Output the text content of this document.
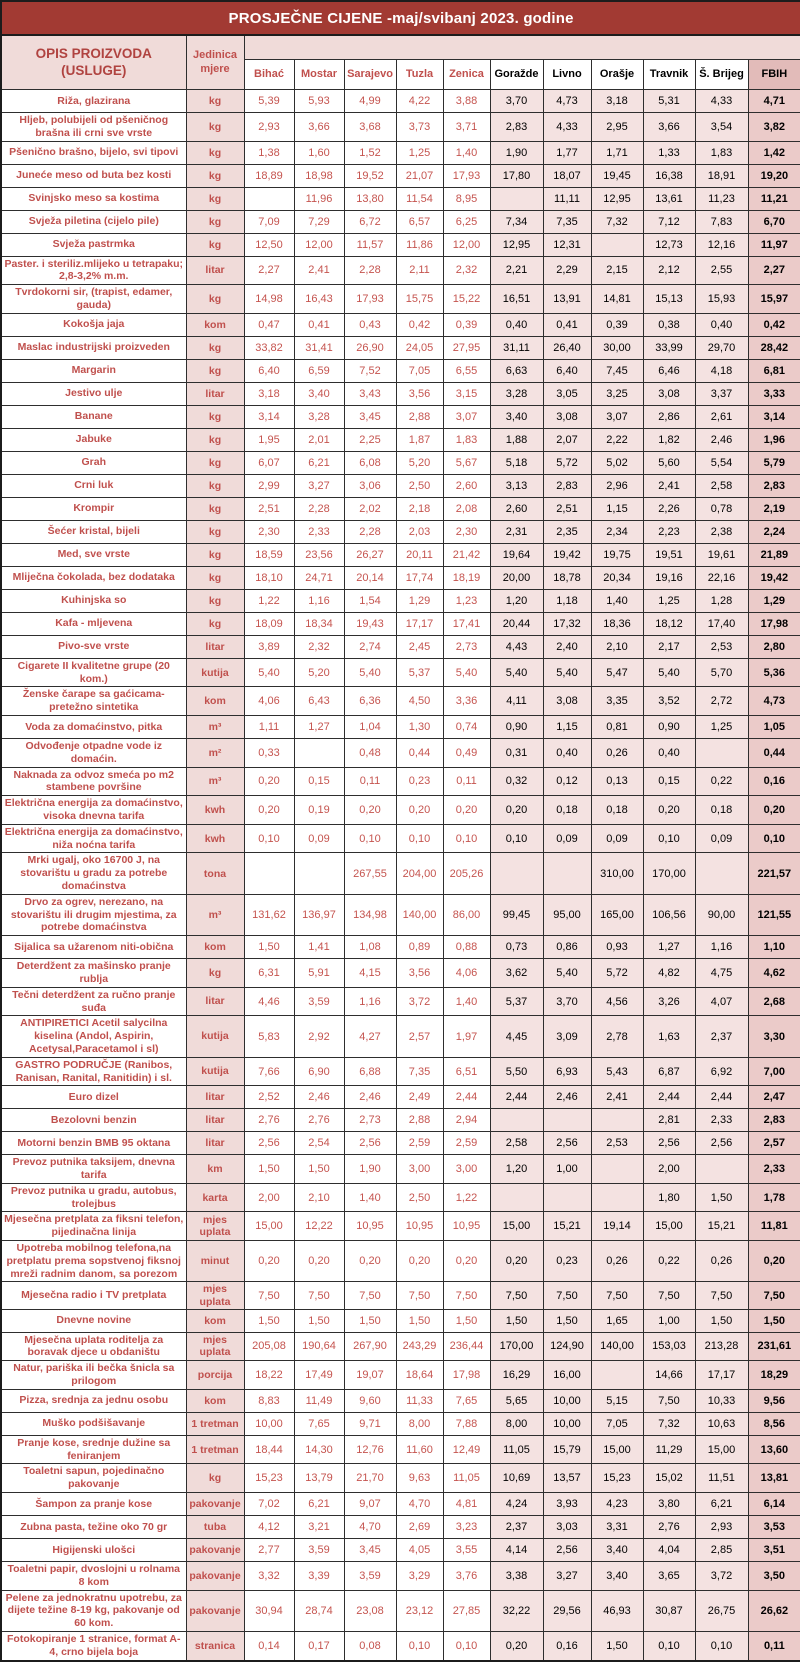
PROSJEČNE CIJENE -maj/svibanj 2023. godine												
OPIS PROIZVODA (USLUGE)	Jedinica mjere											
		Bihać	Mostar	Sarajevo	Tuzla	Zenica	Goražde	Livno	Orašje	Travnik	Š. Brijeg	FBIH
Riža, glazirana	kg	5,39	5,93	4,99	4,22	3,88	3,70	4,73	3,18	5,31	4,33	4,71
Hljeb, polubijeli od pšeničnog brašna ili crni sve vrste	kg	2,93	3,66	3,68	3,73	3,71	2,83	4,33	2,95	3,66	3,54	3,82
Pšenično brašno, bijelo, svi tipovi	kg	1,38	1,60	1,52	1,25	1,40	1,90	1,77	1,71	1,33	1,83	1,42
Juneće meso od buta bez kosti	kg	18,89	18,98	19,52	21,07	17,93	17,80	18,07	19,45	16,38	18,91	19,20
Svinjsko meso sa kostima	kg		11,96	13,80	11,54	8,95		11,11	12,95	13,61	11,23	11,21
Svježa piletina (cijelo pile)	kg	7,09	7,29	6,72	6,57	6,25	7,34	7,35	7,32	7,12	7,83	6,70
Svježa pastrmka	kg	12,50	12,00	11,57	11,86	12,00	12,95	12,31		12,73	12,16	11,97
Paster. i steriliz.mlijeko u tetrapaku; 2,8-3,2% m.m.	litar	2,27	2,41	2,28	2,11	2,32	2,21	2,29	2,15	2,12	2,55	2,27
Tvrdokorni sir, (trapist, edamer, gauda)	kg	14,98	16,43	17,93	15,75	15,22	16,51	13,91	14,81	15,13	15,93	15,97
Kokošja jaja	kom	0,47	0,41	0,43	0,42	0,39	0,40	0,41	0,39	0,38	0,40	0,42
Maslac industrijski proizveden	kg	33,82	31,41	26,90	24,05	27,95	31,11	26,40	30,00	33,99	29,70	28,42
Margarin	kg	6,40	6,59	7,52	7,05	6,55	6,63	6,40	7,45	6,46	4,18	6,81
Jestivo ulje	litar	3,18	3,40	3,43	3,56	3,15	3,28	3,05	3,25	3,08	3,37	3,33
Banane	kg	3,14	3,28	3,45	2,88	3,07	3,40	3,08	3,07	2,86	2,61	3,14
Jabuke	kg	1,95	2,01	2,25	1,87	1,83	1,88	2,07	2,22	1,82	2,46	1,96
Grah	kg	6,07	6,21	6,08	5,20	5,67	5,18	5,72	5,02	5,60	5,54	5,79
Crni luk	kg	2,99	3,27	3,06	2,50	2,60	3,13	2,83	2,96	2,41	2,58	2,83
Krompir	kg	2,51	2,28	2,02	2,18	2,08	2,60	2,51	1,15	2,26	0,78	2,19
Šećer kristal, bijeli	kg	2,30	2,33	2,28	2,03	2,30	2,31	2,35	2,34	2,23	2,38	2,24
Med, sve vrste	kg	18,59	23,56	26,27	20,11	21,42	19,64	19,42	19,75	19,51	19,61	21,89
Mliječna čokolada, bez dodataka	kg	18,10	24,71	20,14	17,74	18,19	20,00	18,78	20,34	19,16	22,16	19,42
Kuhinjska so	kg	1,22	1,16	1,54	1,29	1,23	1,20	1,18	1,40	1,25	1,28	1,29
Kafa - mljevena	kg	18,09	18,34	19,43	17,17	17,41	20,44	17,32	18,36	18,12	17,40	17,98
Pivo-sve vrste	litar	3,89	2,32	2,74	2,45	2,73	4,43	2,40	2,10	2,17	2,53	2,80
Cigarete II kvalitetne grupe (20 kom.)	kutija	5,40	5,20	5,40	5,37	5,40	5,40	5,40	5,47	5,40	5,70	5,36
Ženske čarape sa gaćicama- pretežno sintetika	kom	4,06	6,43	6,36	4,50	3,36	4,11	3,08	3,35	3,52	2,72	4,73
Voda za domaćinstvo, pitka	m³	1,11	1,27	1,04	1,30	0,74	0,90	1,15	0,81	0,90	1,25	1,05
Odvođenje otpadne vode iz domaćin.	m²	0,33		0,48	0,44	0,49	0,31	0,40	0,26	0,40		0,44
Naknada za odvoz smeća po m2 stambene površine	m³	0,20	0,15	0,11	0,23	0,11	0,32	0,12	0,13	0,15	0,22	0,16
Električna energija za domaćinstvo, visoka dnevna tarifa	kwh	0,20	0,19	0,20	0,20	0,20	0,20	0,18	0,18	0,20	0,18	0,20
Električna energija za domaćinstvo, niža noćna tarifa	kwh	0,10	0,09	0,10	0,10	0,10	0,10	0,09	0,09	0,10	0,09	0,10
Mrki ugalj, oko 16700 J, na stovarištu u gradu za potrebe domaćinstva	tona			267,55	204,00	205,26			310,00	170,00		221,57
Drvo za ogrev, nerezano, na stovarištu ili drugim mjestima, za potrebe domaćinstva	m³	131,62	136,97	134,98	140,00	86,00	99,45	95,00	165,00	106,56	90,00	121,55
Sijalica sa užarenom niti-obična	kom	1,50	1,41	1,08	0,89	0,88	0,73	0,86	0,93	1,27	1,16	1,10
Deterdžent za mašinsko pranje rublja	kg	6,31	5,91	4,15	3,56	4,06	3,62	5,40	5,72	4,82	4,75	4,62
Tečni deterdžent za ručno pranje suđa	litar	4,46	3,59	1,16	3,72	1,40	5,37	3,70	4,56	3,26	4,07	2,68
ANTIPIRETICI Acetil salycilna kiselina (Andol, Aspirin, Acetysal,Paracetamol i sl)	kutija	5,83	2,92	4,27	2,57	1,97	4,45	3,09	2,78	1,63	2,37	3,30
GASTRO PODRUČJE (Ranibos, Ranisan, Ranital, Ranitidin) i sl.	kutija	7,66	6,90	6,88	7,35	6,51	5,50	6,93	5,43	6,87	6,92	7,00
Euro dizel	litar	2,52	2,46	2,46	2,49	2,44	2,44	2,46	2,41	2,44	2,44	2,47
Bezolovni benzin	litar	2,76	2,76	2,73	2,88	2,94				2,81	2,33	2,83
Motorni benzin BMB 95 oktana	litar	2,56	2,54	2,56	2,59	2,59	2,58	2,56	2,53	2,56	2,56	2,57
Prevoz putnika taksijem, dnevna tarifa	km	1,50	1,50	1,90	3,00	3,00	1,20	1,00		2,00		2,33
Prevoz putnika u gradu, autobus, trolejbus	karta	2,00	2,10	1,40	2,50	1,22				1,80	1,50	1,78
Mjesečna pretplata za fiksni telefon, pijedinačna linija	mjes uplata	15,00	12,22	10,95	10,95	10,95	15,00	15,21	19,14	15,00	15,21	11,81
Upotreba mobilnog telefona,na pretplatu prema sopstvenoj fiksnoj mreži radnim danom, sa porezom	minut	0,20	0,20	0,20	0,20	0,20	0,20	0,23	0,26	0,22	0,26	0,20
Mjesečna radio i TV pretplata	mjes uplata	7,50	7,50	7,50	7,50	7,50	7,50	7,50	7,50	7,50	7,50	7,50
Dnevne novine	kom	1,50	1,50	1,50	1,50	1,50	1,50	1,50	1,65	1,00	1,50	1,50
Mjesečna uplata roditelja za boravak djece u obdaništu	mjes uplata	205,08	190,64	267,90	243,29	236,44	170,00	124,90	140,00	153,03	213,28	231,61
Natur, pariška ili bečka šnicla sa prilogom	porcija	18,22	17,49	19,07	18,64	17,98	16,29	16,00		14,66	17,17	18,29
Pizza, srednja za jednu osobu	kom	8,83	11,49	9,60	11,33	7,65	5,65	10,00	5,15	7,50	10,33	9,56
Muško podšišavanje	1 tretman	10,00	7,65	9,71	8,00	7,88	8,00	10,00	7,05	7,32	10,63	8,56
Pranje kose, srednje dužine sa feniranjem	1 tretman	18,44	14,30	12,76	11,60	12,49	11,05	15,79	15,00	11,29	15,00	13,60
Toaletni sapun, pojedinačno pakovanje	kg	15,23	13,79	21,70	9,63	11,05	10,69	13,57	15,23	15,02	11,51	13,81
Šampon za pranje kose	pakovanje	7,02	6,21	9,07	4,70	4,81	4,24	3,93	4,23	3,80	6,21	6,14
Zubna pasta, težine oko 70 gr	tuba	4,12	3,21	4,70	2,69	3,23	2,37	3,03	3,31	2,76	2,93	3,53
Higijenski ulošci	pakovanje	2,77	3,59	3,45	4,05	3,55	4,14	2,56	3,40	4,04	2,85	3,51
Toaletni papir, dvoslojni u rolnama 8 kom	pakovanje	3,32	3,39	3,59	3,29	3,76	3,38	3,27	3,40	3,65	3,72	3,50
Pelene za jednokratnu upotrebu, za dijete težine 8-19 kg, pakovanje od 60 kom.	pakovanje	30,94	28,74	23,08	23,12	27,85	32,22	29,56	46,93	30,87	26,75	26,62
Fotokopiranje 1 stranice, format A-4, crno bijela boja	stranica	0,14	0,17	0,08	0,10	0,10	0,20	0,16	1,50	0,10	0,10	0,11
